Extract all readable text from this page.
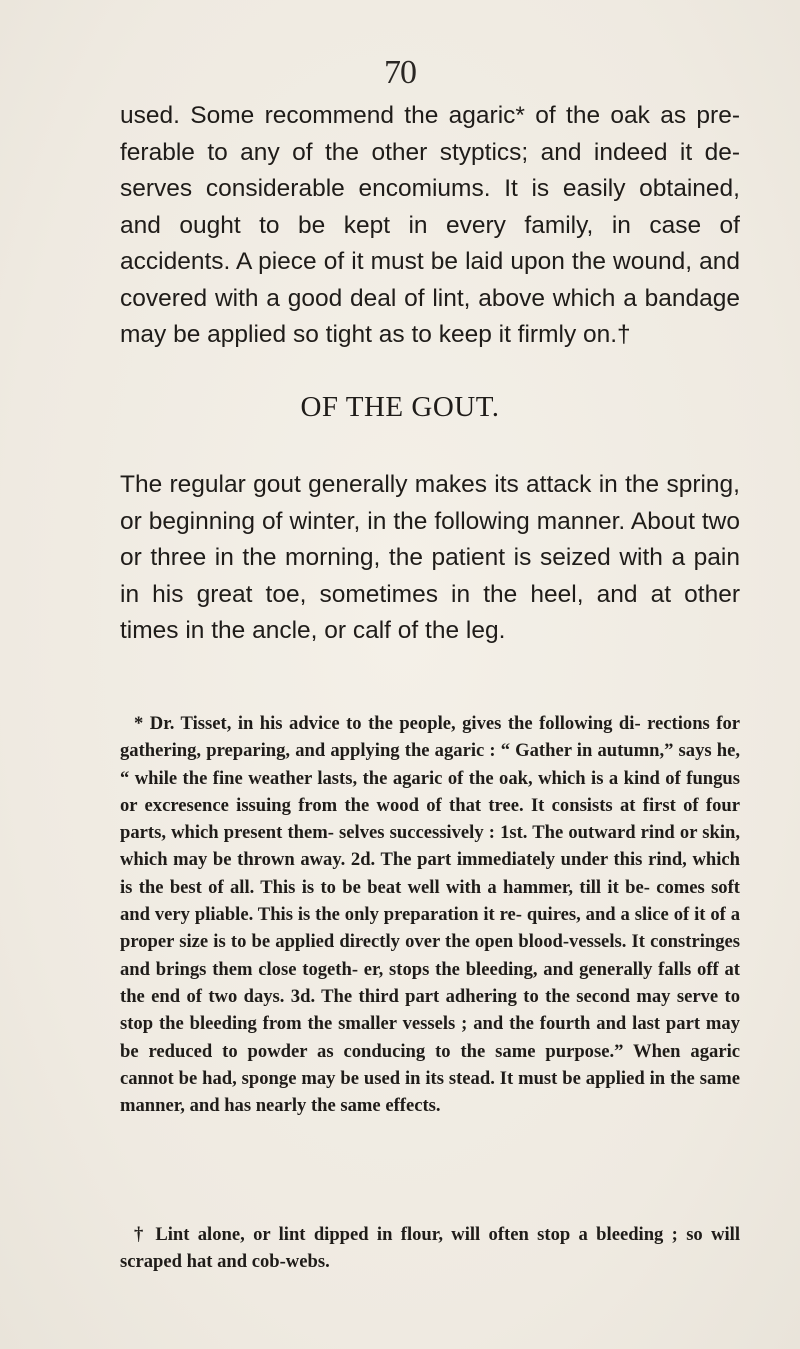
70

used. Some recommend the agaric* of the oak as pre- ferable to any of the other styptics; and indeed it de- serves considerable encomiums. It is easily obtained, and ought to be kept in every family, in case of accidents. A piece of it must be laid upon the wound, and covered with a good deal of lint, above which a bandage may be applied so tight as to keep it firmly on.†

OF THE GOUT.

The regular gout generally makes its attack in the spring, or beginning of winter, in the following manner. About two or three in the morning, the patient is seized with a pain in his great toe, sometimes in the heel, and at other times in the ancle, or calf of the leg.

* Dr. Tisset, in his advice to the people, gives the following di- rections for gathering, preparing, and applying the agaric : “ Gather in autumn,” says he, “ while the fine weather lasts, the agaric of the oak, which is a kind of fungus or excresence issuing from the wood of that tree. It consists at first of four parts, which present them- selves successively : 1st. The outward rind or skin, which may be thrown away. 2d. The part immediately under this rind, which is the best of all. This is to be beat well with a hammer, till it be- comes soft and very pliable. This is the only preparation it re- quires, and a slice of it of a proper size is to be applied directly over the open blood-vessels. It constringes and brings them close togeth- er, stops the bleeding, and generally falls off at the end of two days. 3d. The third part adhering to the second may serve to stop the bleeding from the smaller vessels ; and the fourth and last part may be reduced to powder as conducing to the same purpose.” When agaric cannot be had, sponge may be used in its stead. It must be applied in the same manner, and has nearly the same effects.

† Lint alone, or lint dipped in flour, will often stop a bleeding ; so will scraped hat and cob-webs.
